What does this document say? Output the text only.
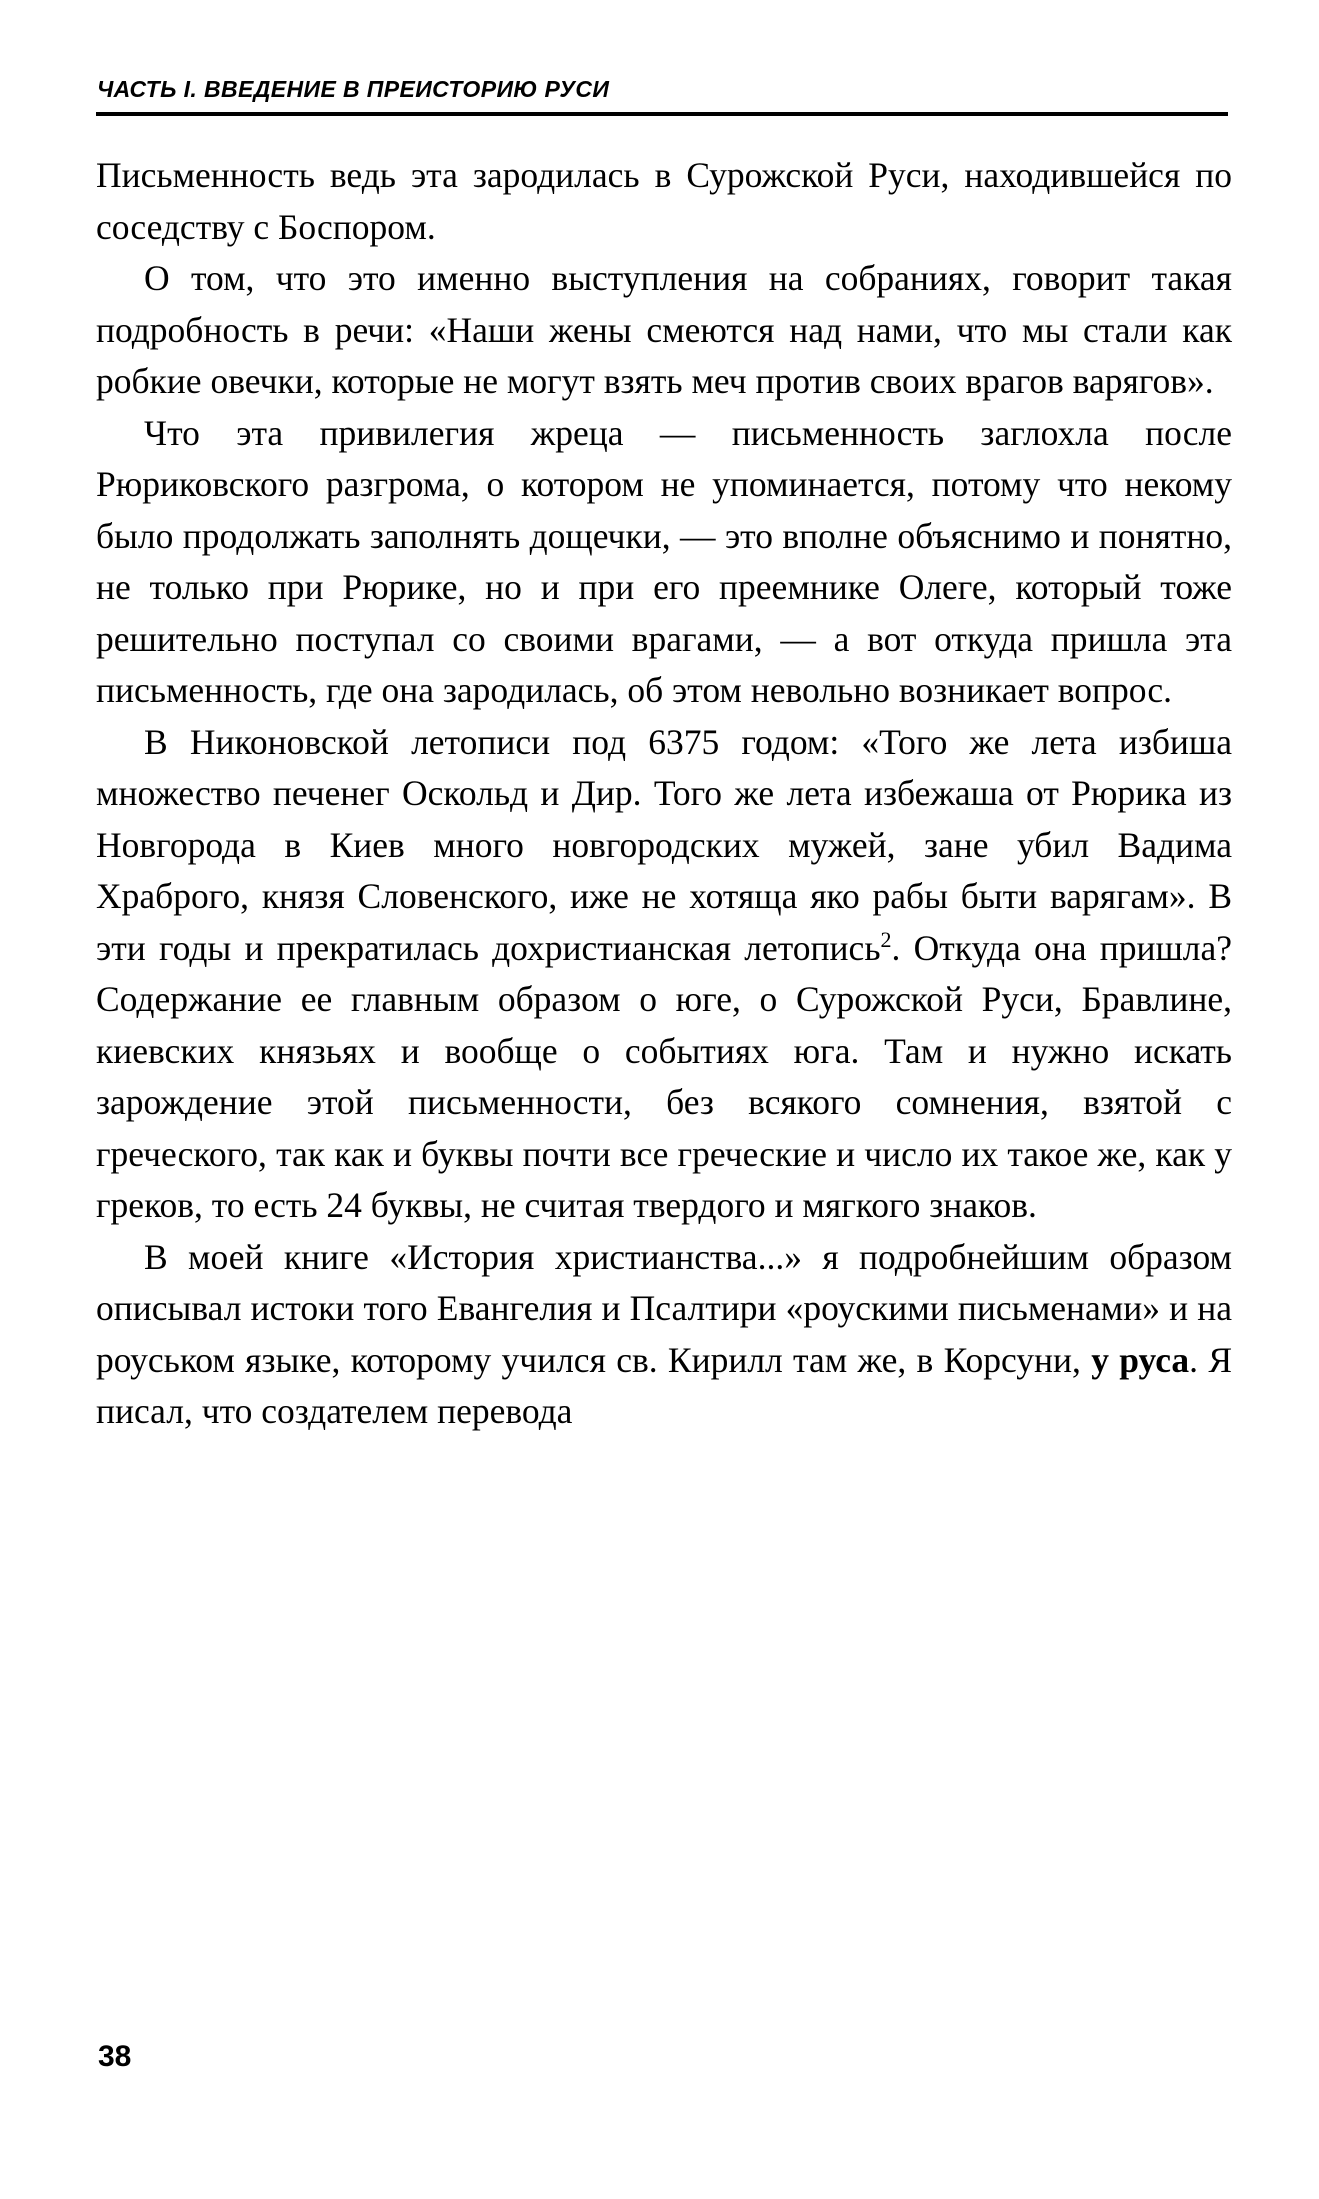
ЧАСТЬ I. ВВЕДЕНИЕ В ПРЕИСТОРИЮ РУСИ

Письменность ведь эта зародилась в Сурожской Руси, находившейся по соседству с Боспором.

О том, что это именно выступления на собраниях, говорит такая подробность в речи: «Наши жены смеются над нами, что мы стали как робкие овечки, которые не могут взять меч против своих врагов варягов».

Что эта привилегия жреца — письменность заглохла после Рюриковского разгрома, о котором не упоминается, потому что некому было продолжать заполнять дощечки, — это вполне объяснимо и понятно, не только при Рюрике, но и при его преемнике Олеге, который тоже решительно поступал со своими врагами, — а вот откуда пришла эта письменность, где она зародилась, об этом невольно возникает вопрос.

В Никоновской летописи под 6375 годом: «Того же лета избиша множество печенег Оскольд и Дир. Того же лета избежаша от Рюрика из Новгорода в Киев много новгородских мужей, зане убил Вадима Храброго, князя Словенского, иже не хотяща яко рабы быти варягам». В эти годы и прекратилась дохристианская летопись$^2$. Откуда она пришла? Содержание ее главным образом о юге, о Сурожской Руси, Бравлине, киевских князьях и вообще о событиях юга. Там и нужно искать зарождение этой письменности, без всякого сомнения, взятой с греческого, так как и буквы почти все греческие и число их такое же, как у греков, то есть 24 буквы, не считая твердого и мягкого знаков.

В моей книге «История христианства...» я подробнейшим образом описывал истоки того Евангелия и Псалтири «роускими письменами» и на роуськом языке, которому учился св. Кирилл там же, в Корсуни, у руса. Я писал, что создателем перевода

38
